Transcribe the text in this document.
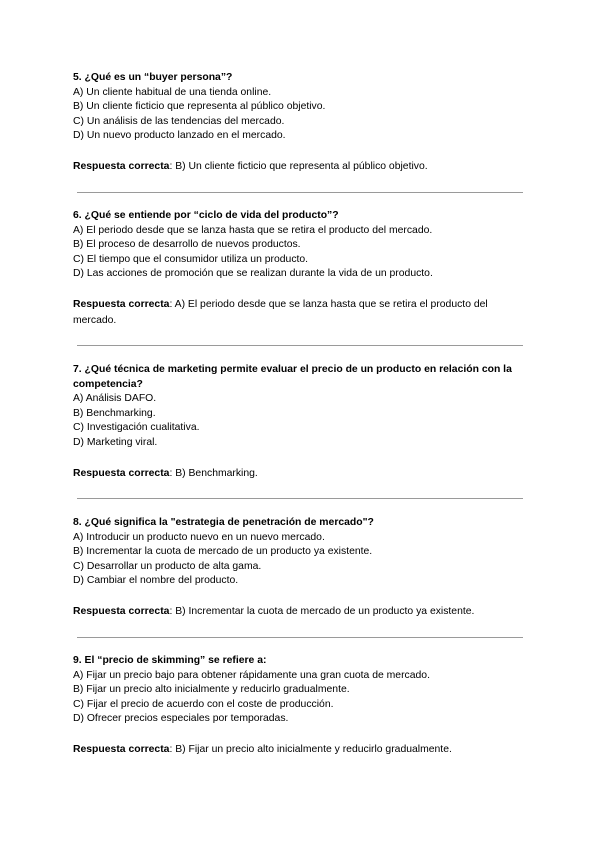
5. ¿Qué es un “buyer persona”?

A) Un cliente habitual de una tienda online.

B) Un cliente ficticio que representa al público objetivo.

C) Un análisis de las tendencias del mercado.

D) Un nuevo producto lanzado en el mercado.

Respuesta correcta: B) Un cliente ficticio que representa al público objetivo.

6. ¿Qué se entiende por “ciclo de vida del producto”?

A) El periodo desde que se lanza hasta que se retira el producto del mercado.

B) El proceso de desarrollo de nuevos productos.

C) El tiempo que el consumidor utiliza un producto.

D) Las acciones de promoción que se realizan durante la vida de un producto.

Respuesta correcta: A) El periodo desde que se lanza hasta que se retira el producto del mercado.

7. ¿Qué técnica de marketing permite evaluar el precio de un producto en relación con la competencia?

A) Análisis DAFO.

B) Benchmarking.

C) Investigación cualitativa.

D) Marketing viral.

Respuesta correcta: B) Benchmarking.

8. ¿Qué significa la "estrategia de penetración de mercado"?

A) Introducir un producto nuevo en un nuevo mercado.

B) Incrementar la cuota de mercado de un producto ya existente.

C) Desarrollar un producto de alta gama.

D) Cambiar el nombre del producto.

Respuesta correcta: B) Incrementar la cuota de mercado de un producto ya existente.

9. El “precio de skimming” se refiere a:

A) Fijar un precio bajo para obtener rápidamente una gran cuota de mercado.

B) Fijar un precio alto inicialmente y reducirlo gradualmente.

C) Fijar el precio de acuerdo con el coste de producción.

D) Ofrecer precios especiales por temporadas.

Respuesta correcta: B) Fijar un precio alto inicialmente y reducirlo gradualmente.
